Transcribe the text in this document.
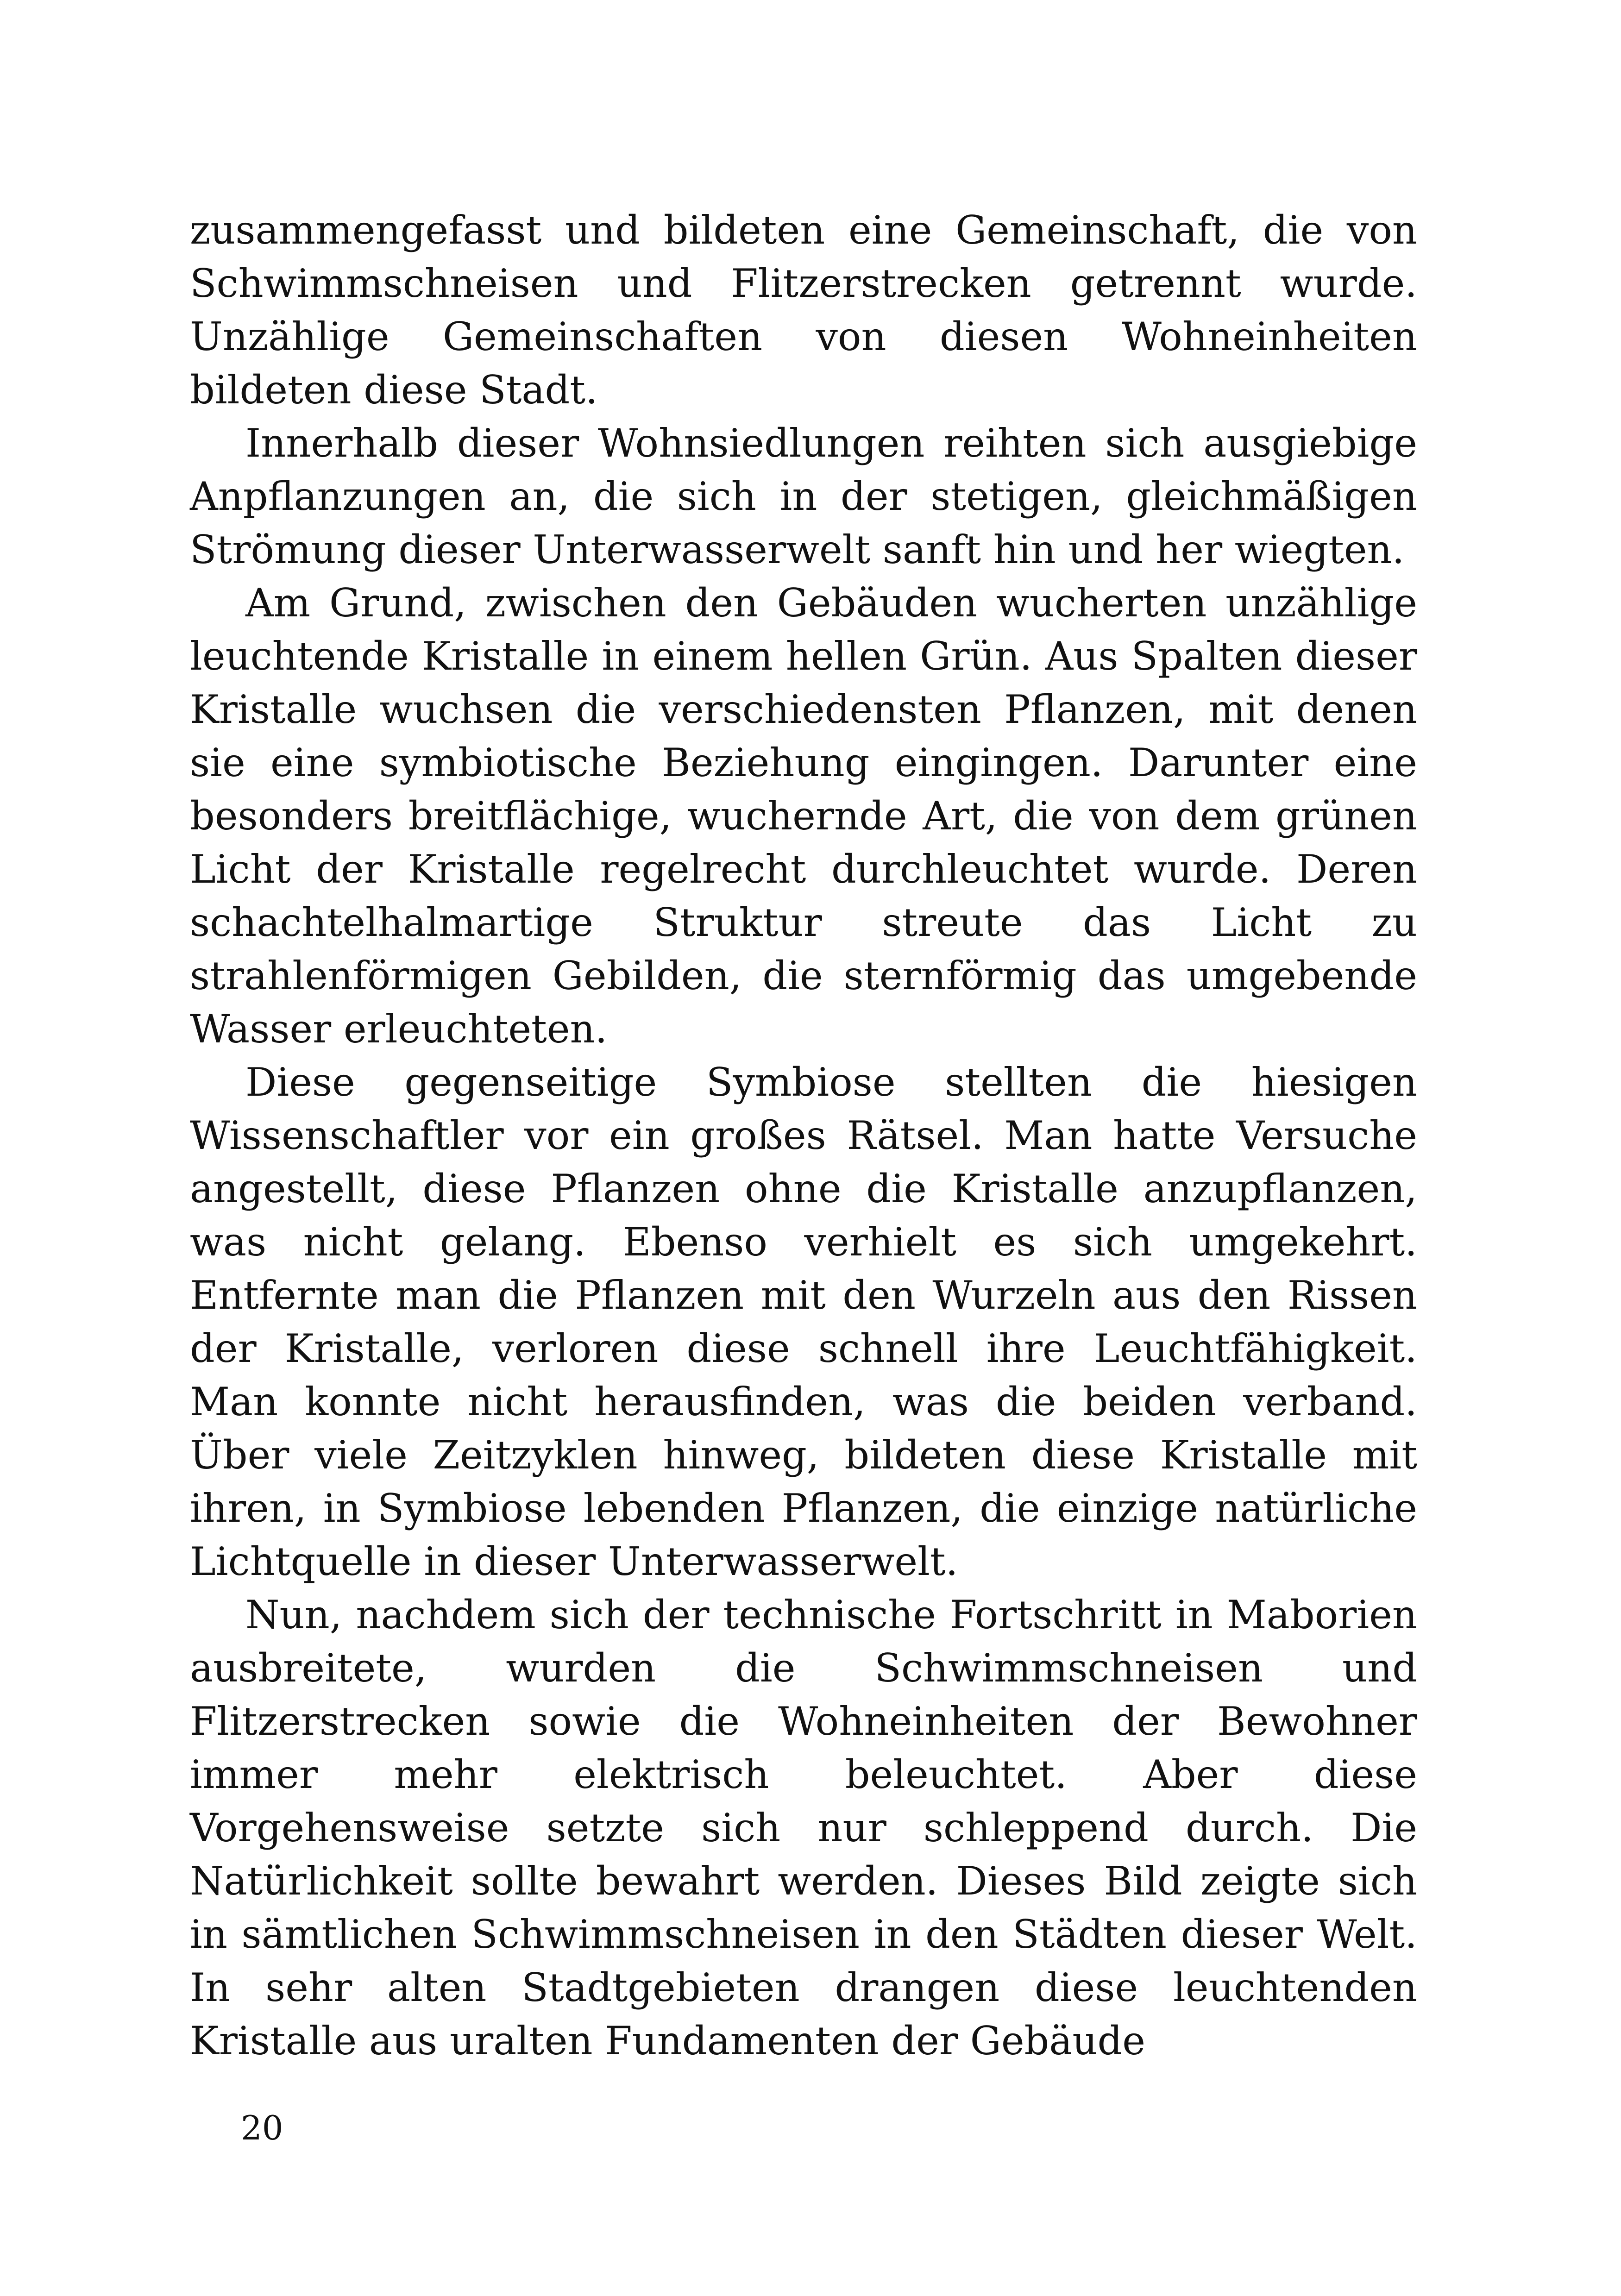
zusammengefasst und bildeten eine Gemeinschaft, die von Schwimmschneisen und Flitzerstrecken getrennt wurde. Unzählige Gemeinschaften von diesen Wohneinheiten bildeten diese Stadt.

Innerhalb dieser Wohnsiedlungen reihten sich ausgiebige Anpflanzungen an, die sich in der stetigen, gleichmäßigen Strömung dieser Unterwasserwelt sanft hin und her wiegten.

Am Grund, zwischen den Gebäuden wucherten unzählige leuchtende Kristalle in einem hellen Grün. Aus Spalten dieser Kristalle wuchsen die verschiedensten Pflanzen, mit denen sie eine symbiotische Beziehung eingingen. Darunter eine besonders breitflächige, wuchernde Art, die von dem grünen Licht der Kristalle regelrecht durchleuchtet wurde. Deren schachtelhalmartige Struktur streute das Licht zu strahlenförmigen Gebilden, die sternförmig das umgebende Wasser erleuchteten.

Diese gegenseitige Symbiose stellten die hiesigen Wissenschaftler vor ein großes Rätsel. Man hatte Versuche angestellt, diese Pflanzen ohne die Kristalle anzupflanzen, was nicht gelang. Ebenso verhielt es sich umgekehrt. Entfernte man die Pflanzen mit den Wurzeln aus den Rissen der Kristalle, verloren diese schnell ihre Leuchtfähigkeit. Man konnte nicht herausfinden, was die beiden verband. Über viele Zeitzyklen hinweg, bildeten diese Kristalle mit ihren, in Symbiose lebenden Pflanzen, die einzige natürliche Lichtquelle in dieser Unterwasserwelt.

Nun, nachdem sich der technische Fortschritt in Maborien ausbreitete, wurden die Schwimmschneisen und Flitzerstrecken sowie die Wohneinheiten der Bewohner immer mehr elektrisch beleuchtet. Aber diese Vorgehensweise setzte sich nur schleppend durch. Die Natürlichkeit sollte bewahrt werden. Dieses Bild zeigte sich in sämtlichen Schwimmschneisen in den Städten dieser Welt. In sehr alten Stadtgebieten drangen diese leuchtenden Kristalle aus uralten Fundamenten der Gebäude

20
